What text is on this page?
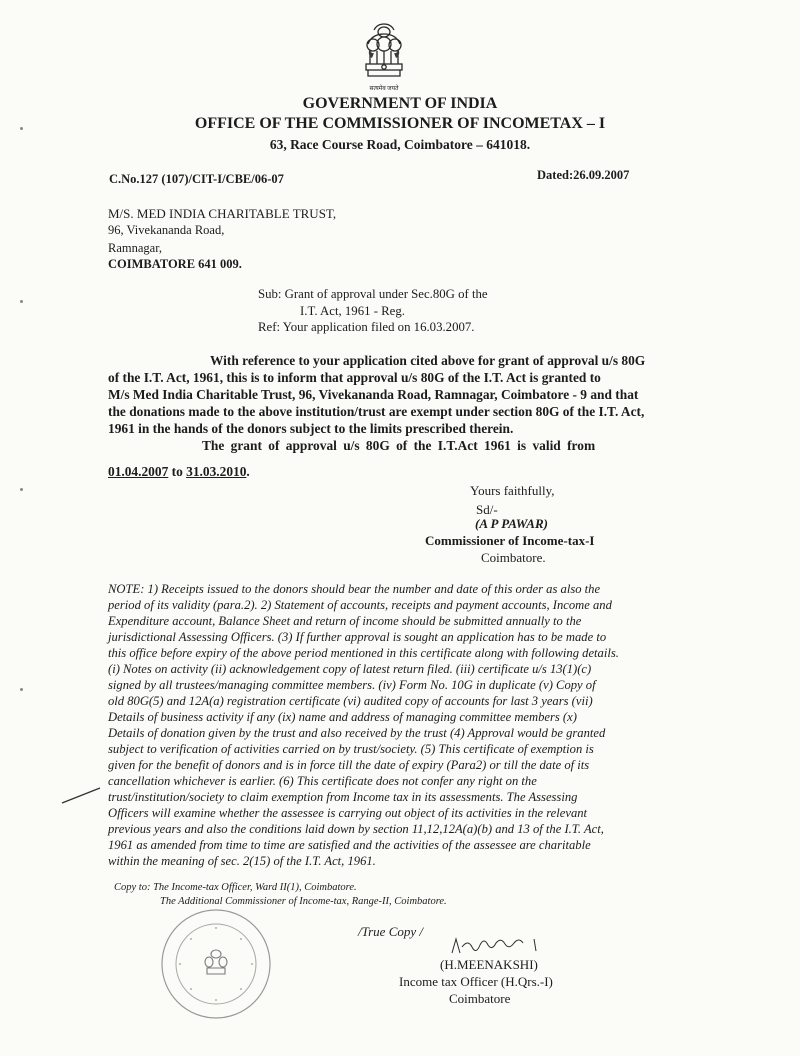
सत्यमेव जयते
GOVERNMENT OF INDIA
OFFICE OF THE COMMISSIONER OF INCOMETAX – I
63, Race Course Road, Coimbatore – 641018.
C.No.127 (107)/CIT-I/CBE/06-07	Dated:26.09.2007
M/S. MED INDIA CHARITABLE TRUST,
96, Vivekananda Road,
Ramnagar,
COIMBATORE 641 009.
Sub: Grant of approval under Sec.80G of the
I.T. Act, 1961 - Reg.
Ref: Your application filed on 16.03.2007.
With reference to your application cited above for grant of approval u/s 80G
of the I.T. Act, 1961, this is to inform that approval u/s 80G of the I.T. Act is granted to
M/s Med India Charitable Trust, 96, Vivekananda Road, Ramnagar, Coimbatore - 9 and that
the donations made to the above institution/trust are exempt under section 80G of the I.T. Act,
1961 in the hands of the donors subject to the limits prescribed therein.
The grant of approval u/s 80G of the I.T.Act 1961 is valid from
01.04.2007 to 31.03.2010.
Yours faithfully,
Sd/-
(A P PAWAR)
Commissioner of Income-tax-I
Coimbatore.
NOTE: 1) Receipts issued to the donors should bear the number and date of this order as also the
period of its validity (para.2). 2) Statement of accounts, receipts and payment accounts, Income and
Expenditure account, Balance Sheet and return of income should be submitted annually to the
jurisdictional Assessing Officers. (3) If further approval is sought an application has to be made to
this office before expiry of the above period mentioned in this certificate along with following details.
(i) Notes on activity (ii) acknowledgement copy of latest return filed. (iii) certificate u/s 13(1)(c)
signed by all trustees/managing committee members. (iv) Form No. 10G in duplicate (v) Copy of
old 80G(5) and 12A(a) registration certificate (vi) audited copy of accounts for last 3 years (vii)
Details of business activity if any (ix) name and address of managing committee members (x)
Details of donation given by the trust and also received by the trust (4) Approval would be granted
subject to verification of activities carried on by trust/society. (5) This certificate of exemption is
given for the benefit of donors and is in force till the date of expiry (Para2) or till the date of its
cancellation whichever is earlier. (6) This certificate does not confer any right on the
trust/institution/society to claim exemption from Income tax in its assessments. The Assessing
Officers will examine whether the assessee is carrying out object of its activities in the relevant
previous years and also the conditions laid down by section 11,12,12A(a)(b) and 13 of the I.T. Act,
1961 as amended from time to time are satisfied and the activities of the assessee are charitable
within the meaning of sec. 2(15) of the I.T. Act, 1961.
Copy to: The Income-tax Officer, Ward II(1), Coimbatore.
The Additional Commissioner of Income-tax, Range-II, Coimbatore.
/True Copy /
(H.MEENAKSHI)
Income tax Officer (H.Qrs.-I)
Coimbatore
